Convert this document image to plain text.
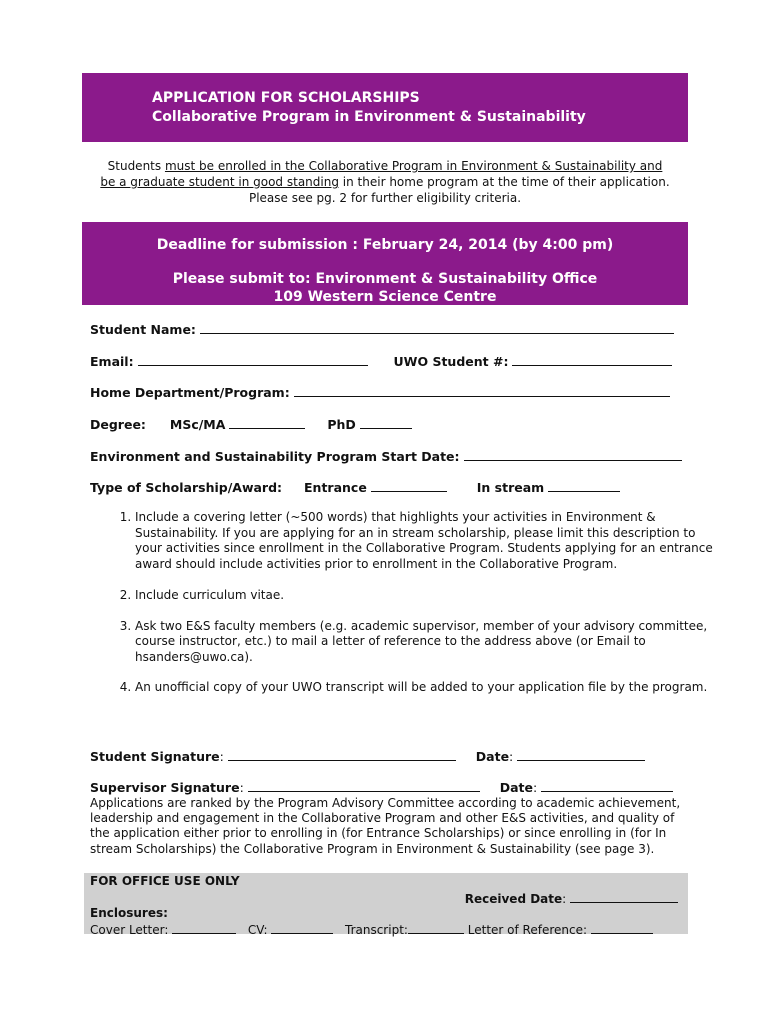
APPLICATION FOR SCHOLARSHIPS
Collaborative Program in Environment & Sustainability
Students must be enrolled in the Collaborative Program in Environment & Sustainability and
be a graduate student in good standing in their home program at the time of their application. Please see pg. 2 for further eligibility criteria.
Deadline for submission : February 24, 2014 (by 4:00 pm)
Please submit to: Environment & Sustainability Office
109 Western Science Centre
Student Name:
Email:	UWO Student #:
Home Department/Program:
Degree: MSc/MA	PhD
Environment and Sustainability Program Start Date:
Type of Scholarship/Award: Entrance	In stream
1. Include a covering letter (~500 words) that highlights your activities in Environment & Sustainability. If you are applying for an in stream scholarship, please limit this description to your activities since enrollment in the Collaborative Program. Students applying for an entrance award should include activities prior to enrollment in the Collaborative Program.
2. Include curriculum vitae.
3. Ask two E&S faculty members (e.g. academic supervisor, member of your advisory committee, course instructor, etc.) to mail a letter of reference to the address above (or Email to hsanders@uwo.ca).
4. An unofficial copy of your UWO transcript will be added to your application file by the program.
Student Signature:	Date:
Supervisor Signature:	Date:
Applications are ranked by the Program Advisory Committee according to academic achievement, leadership and engagement in the Collaborative Program and other E&S activities, and quality of the application either prior to enrolling in (for Entrance Scholarships) or since enrolling in (for In stream Scholarships) the Collaborative Program in Environment & Sustainability (see page 3).
FOR OFFICE USE ONLY
Received Date:
Enclosures:
Cover Letter:	CV:	Transcript:	Letter of Reference:
